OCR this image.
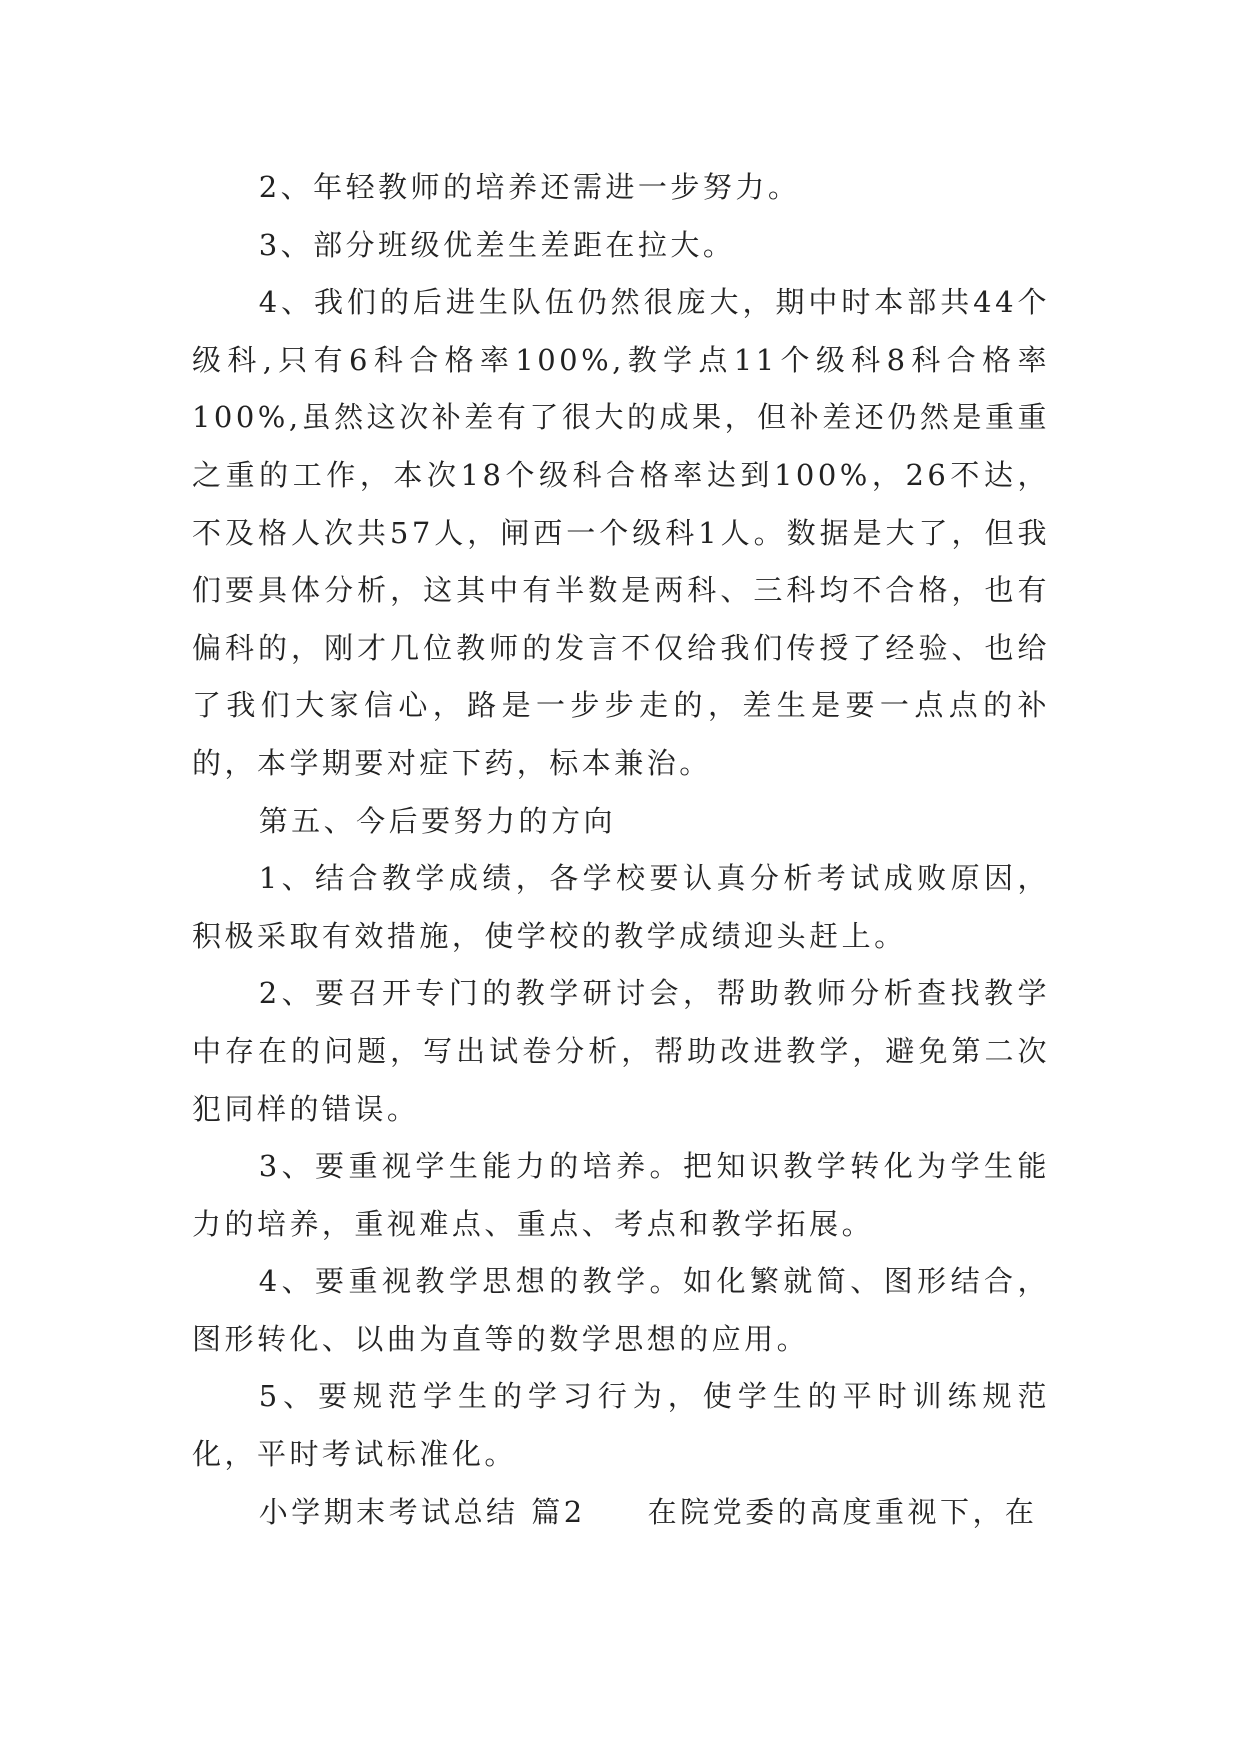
2、年轻教师的培养还需进一步努力。

3、部分班级优差生差距在拉大。

4、我们的后进生队伍仍然很庞大，期中时本部共44个级科,只有6科合格率100%,教学点11个级科8科合格率100%,虽然这次补差有了很大的成果，但补差还仍然是重重之重的工作，本次18个级科合格率达到100%，26不达，不及格人次共57人，闸西一个级科1人。数据是大了，但我们要具体分析，这其中有半数是两科、三科均不合格，也有偏科的，刚才几位教师的发言不仅给我们传授了经验、也给了我们大家信心，路是一步步走的，差生是要一点点的补的，本学期要对症下药，标本兼治。

第五、今后要努力的方向

1、结合教学成绩，各学校要认真分析考试成败原因，积极采取有效措施，使学校的教学成绩迎头赶上。

2、要召开专门的教学研讨会，帮助教师分析查找教学中存在的问题，写出试卷分析，帮助改进教学，避免第二次犯同样的错误。

3、要重视学生能力的培养。把知识教学转化为学生能力的培养，重视难点、重点、考点和教学拓展。

4、要重视教学思想的教学。如化繁就简、图形结合，图形转化、以曲为直等的数学思想的应用。

5、要规范学生的学习行为，使学生的平时训练规范化，平时考试标准化。

小学期末考试总结 篇2 在院党委的高度重视下，在
